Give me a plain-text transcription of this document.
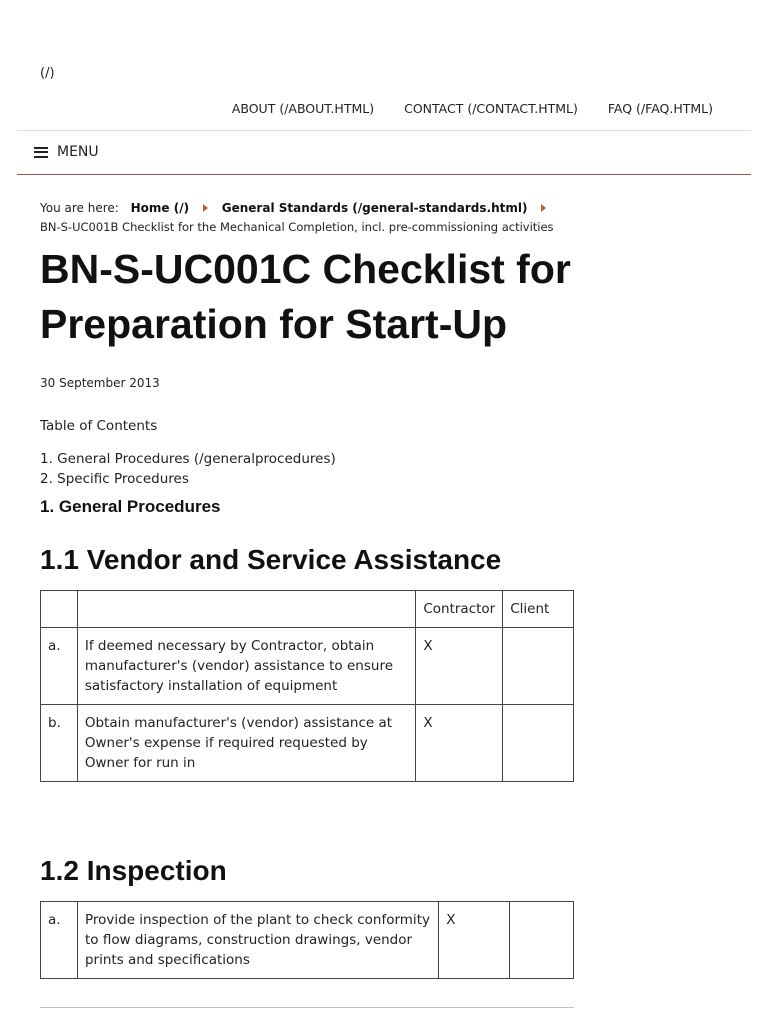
(/)
ABOUT (/ABOUT.HTML) CONTACT (/CONTACT.HTML) FAQ (/FAQ.HTML)
MENU
You are here: Home (/)	General Standards (/general-standards.html)
BN-S-UC001B Checklist for the Mechanical Completion, incl. pre-commissioning activities
BN-S-UC001C Checklist for Preparation for Start-Up
30 September 2013
Table of Contents
1. General Procedures (/generalprocedures)
2. Specific Procedures
1. General Procedures
1.1 Vendor and Service Assistance
		Contractor	Client
a.	If deemed necessary by Contractor, obtain manufacturer's (vendor) assistance to ensure satisfactory installation of equipment	X	
b.	Obtain manufacturer's (vendor) assistance at Owner's expense if required requested by Owner for run in	X	
1.2 Inspection
a.	Provide inspection of the plant to check conformity to flow diagrams, construction drawings, vendor prints and specifications	X	
